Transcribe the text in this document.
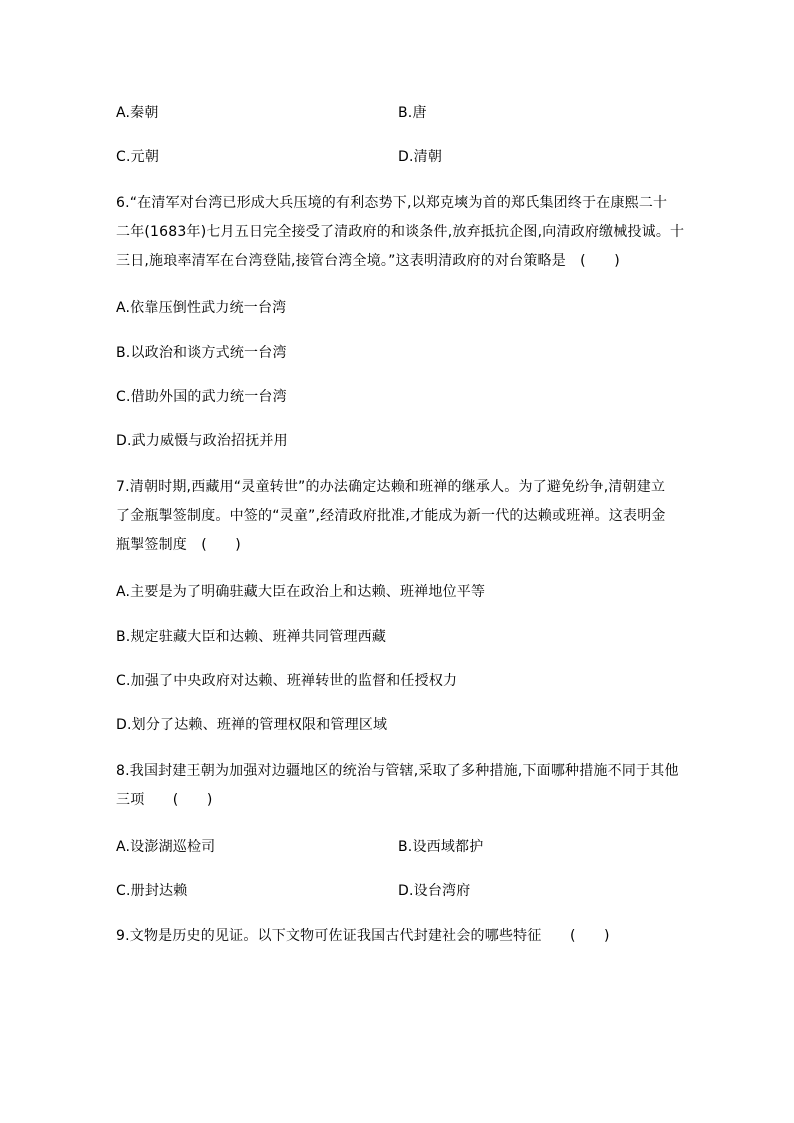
A.秦朝	B.唐
C.元朝	D.清朝
6.“在清军对台湾已形成大兵压境的有利态势下,以郑克塽为首的郑氏集团终于在康熙二十
二年(1683年)七月五日完全接受了清政府的和谈条件,放弃抵抗企图,向清政府缴械投诚。十
三日,施琅率清军在台湾登陆,接管台湾全境。”这表明清政府的对台策略是　(　　)
A.依靠压倒性武力统一台湾
B.以政治和谈方式统一台湾
C.借助外国的武力统一台湾
D.武力威慑与政治招抚并用
7.清朝时期,西藏用“灵童转世”的办法确定达赖和班禅的继承人。为了避免纷争,清朝建立
了金瓶掣签制度。中签的“灵童”,经清政府批准,才能成为新一代的达赖或班禅。这表明金
瓶掣签制度　(　　)
A.主要是为了明确驻藏大臣在政治上和达赖、班禅地位平等
B.规定驻藏大臣和达赖、班禅共同管理西藏
C.加强了中央政府对达赖、班禅转世的监督和任授权力
D.划分了达赖、班禅的管理权限和管理区域
8.我国封建王朝为加强对边疆地区的统治与管辖,采取了多种措施,下面哪种措施不同于其他
三项　　(　　)
A.设澎湖巡检司	B.设西域都护
C.册封达赖	D.设台湾府
9.文物是历史的见证。以下文物可佐证我国古代封建社会的哪些特征　　(　　)
